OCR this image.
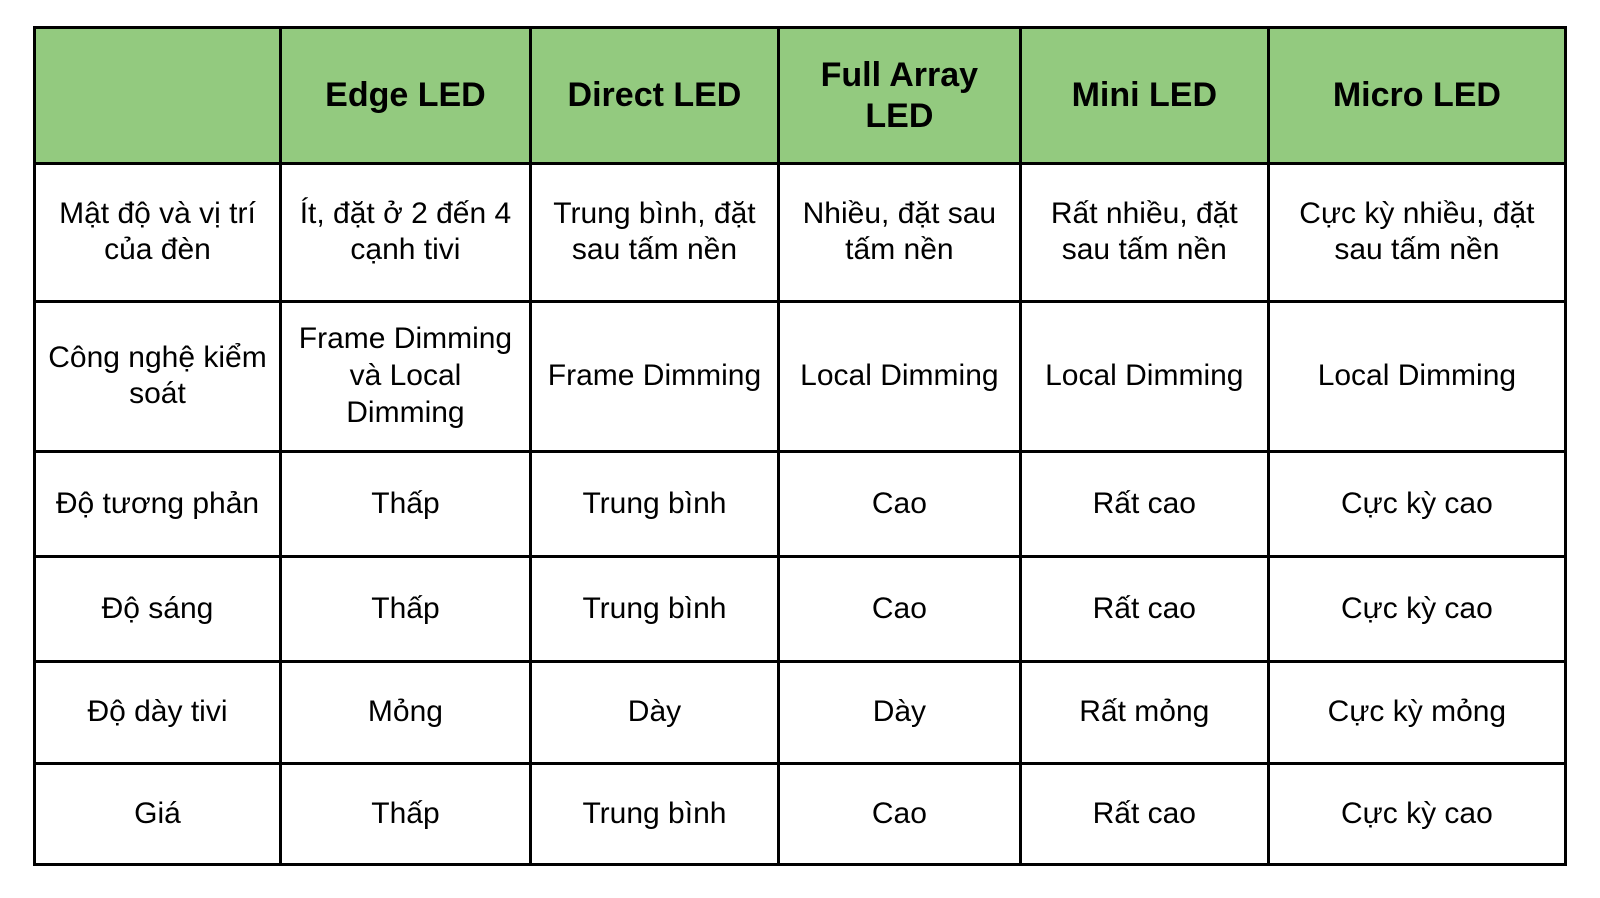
	Edge LED	Direct LED	Full Array LED	Mini LED	Micro LED
Mật độ và vị trí của đèn	Ít, đặt ở 2 đến 4 cạnh tivi	Trung bình, đặt sau tấm nền	Nhiều, đặt sau tấm nền	Rất nhiều, đặt sau tấm nền	Cực kỳ nhiều, đặt sau tấm nền
Công nghệ kiểm soát	Frame Dimming và Local Dimming	Frame Dimming	Local Dimming	Local Dimming	Local Dimming
Độ tương phản	Thấp	Trung bình	Cao	Rất cao	Cực kỳ cao
Độ sáng	Thấp	Trung bình	Cao	Rất cao	Cực kỳ cao
Độ dày tivi	Mỏng	Dày	Dày	Rất mỏng	Cực kỳ mỏng
Giá	Thấp	Trung bình	Cao	Rất cao	Cực kỳ cao
